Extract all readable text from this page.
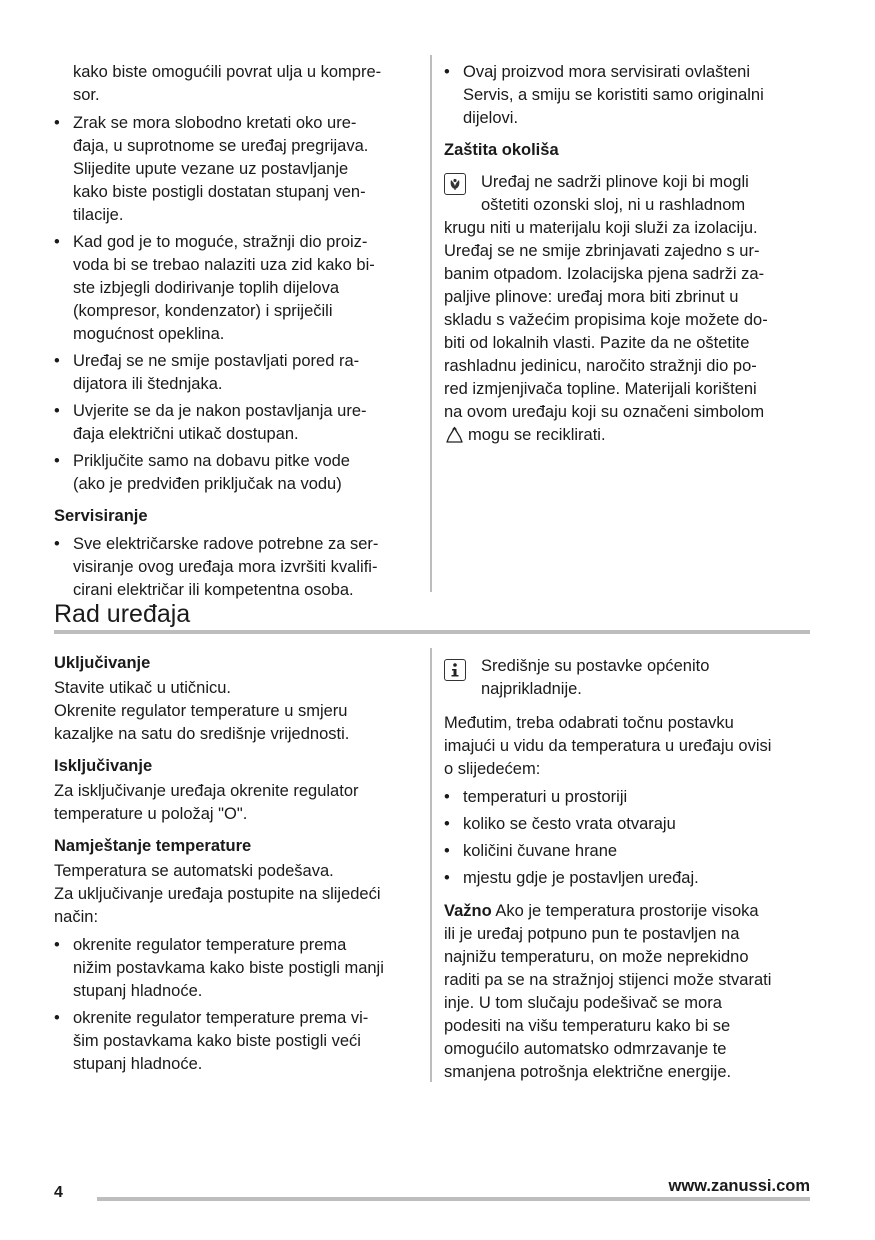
kako biste omogućili povrat ulja u kompre-
sor.

• Zrak se mora slobodno kretati oko ure-
đaja, u suprotnome se uređaj pregrijava.
Slijedite upute vezane uz postavljanje
kako biste postigli dostatan stupanj ven-
tilacije.
• Kad god je to moguće, stražnji dio proiz-
voda bi se trebao nalaziti uza zid kako bi-
ste izbjegli dodirivanje toplih dijelova
(kompresor, kondenzator) i spriječili
mogućnost opeklina.
• Uređaj se ne smije postavljati pored ra-
dijatora ili štednjaka.
• Uvjerite se da je nakon postavljanja ure-
đaja električni utikač dostupan.
• Priključite samo na dobavu pitke vode
(ako je predviđen priključak na vodu)
Servisiranje
• Sve električarske radove potrebne za ser-
visiranje ovog uređaja mora izvršiti kvalifi-
cirani električar ili kompetentna osoba.
• Ovaj proizvod mora servisirati ovlašteni
Servis, a smiju se koristiti samo originalni
dijelovi.
Zaštita okoliša

Uređaj ne sadrži plinove koji bi mogli
oštetiti ozonski sloj, ni u rashladnom

krugu niti u materijalu koji služi za izolaciju.
Uređaj se ne smije zbrinjavati zajedno s ur-
banim otpadom. Izolacijska pjena sadrži za-
paljive plinove: uređaj mora biti zbrinut u
skladu s važećim propisima koje možete do-
biti od lokalnih vlasti. Pazite da ne oštetite
rashladnu jedinicu, naročito stražnji dio po-
red izmjenjivača topline. Materijali korišteni
na ovom uređaju koji su označeni simbolom

mogu se reciklirati.
Rad uređaja
Uključivanje

Stavite utikač u utičnicu.
Okrenite regulator temperature u smjeru
kazaljke na satu do središnje vrijednosti.

Isključivanje

Za isključivanje uređaja okrenite regulator
temperature u položaj "O".

Namještanje temperature

Temperatura se automatski podešava.
Za uključivanje uređaja postupite na slijedeći
način:

• okrenite regulator temperature prema
nižim postavkama kako biste postigli manji
stupanj hladnoće.
• okrenite regulator temperature prema vi-
šim postavkama kako biste postigli veći
stupanj hladnoće.

Središnje su postavke općenito
najprikladnije.

Međutim, treba odabrati točnu postavku
imajući u vidu da temperatura u uređaju ovisi
o slijedećem:

• temperaturi u prostoriji
• koliko se često vrata otvaraju
• količini čuvane hrane
• mjestu gdje je postavljen uređaj.

Važno Ako je temperatura prostorije visoka
ili je uređaj potpuno pun te postavljen na
najnižu temperaturu, on može neprekidno
raditi pa se na stražnjoj stijenci može stvarati
inje. U tom slučaju podešivač se mora
podesiti na višu temperaturu kako bi se
omogućilo automatsko odmrzavanje te
smanjena potrošnja električne energije.

4	www.zanussi.com
